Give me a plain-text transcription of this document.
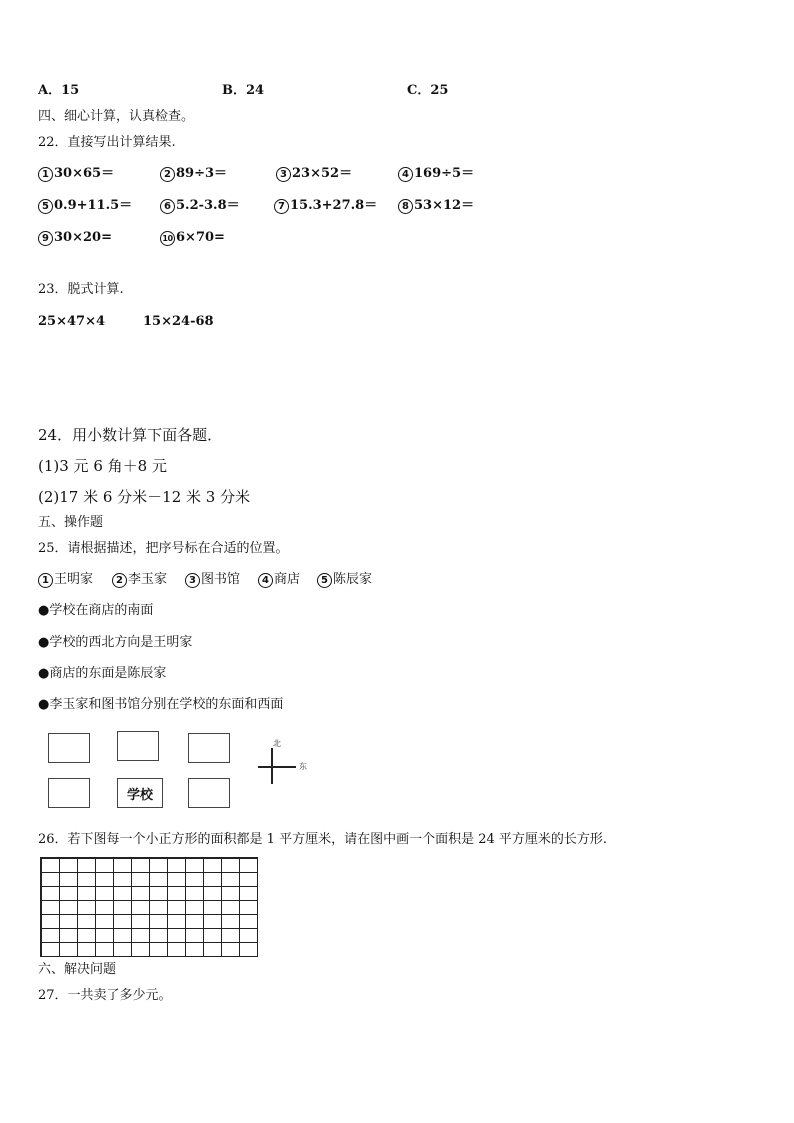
A．15	B．24	C．25
四、细心计算，认真检查。
22．直接写出计算结果.
1 30×65＝	2 89÷3＝	3 23×52＝	4 169÷5＝
5 0.9+11.5＝	6 5.2-3.8＝	7 15.3+27.8＝	8 53×12＝
9 30×20=	10 6×70=
23．脱式计算.
25×47×4	15×24-68
24．用小数计算下面各题．
(1)3 元 6 角＋8 元
(2)17 米 6 分米－12 米 3 分米
五、操作题
25．请根据描述，把序号标在合适的位置。
1 王明家	2 李玉家	3 图书馆	4 商店	5 陈辰家
●学校在商店的南面
●学校的西北方向是王明家
●商店的东面是陈辰家
●李玉家和图书馆分别在学校的东面和西面
学校
北
东
26．若下图每一个小正方形的面积都是 1 平方厘米，请在图中画一个面积是 24 平方厘米的长方形.
六、解决问题
27．一共卖了多少元。
